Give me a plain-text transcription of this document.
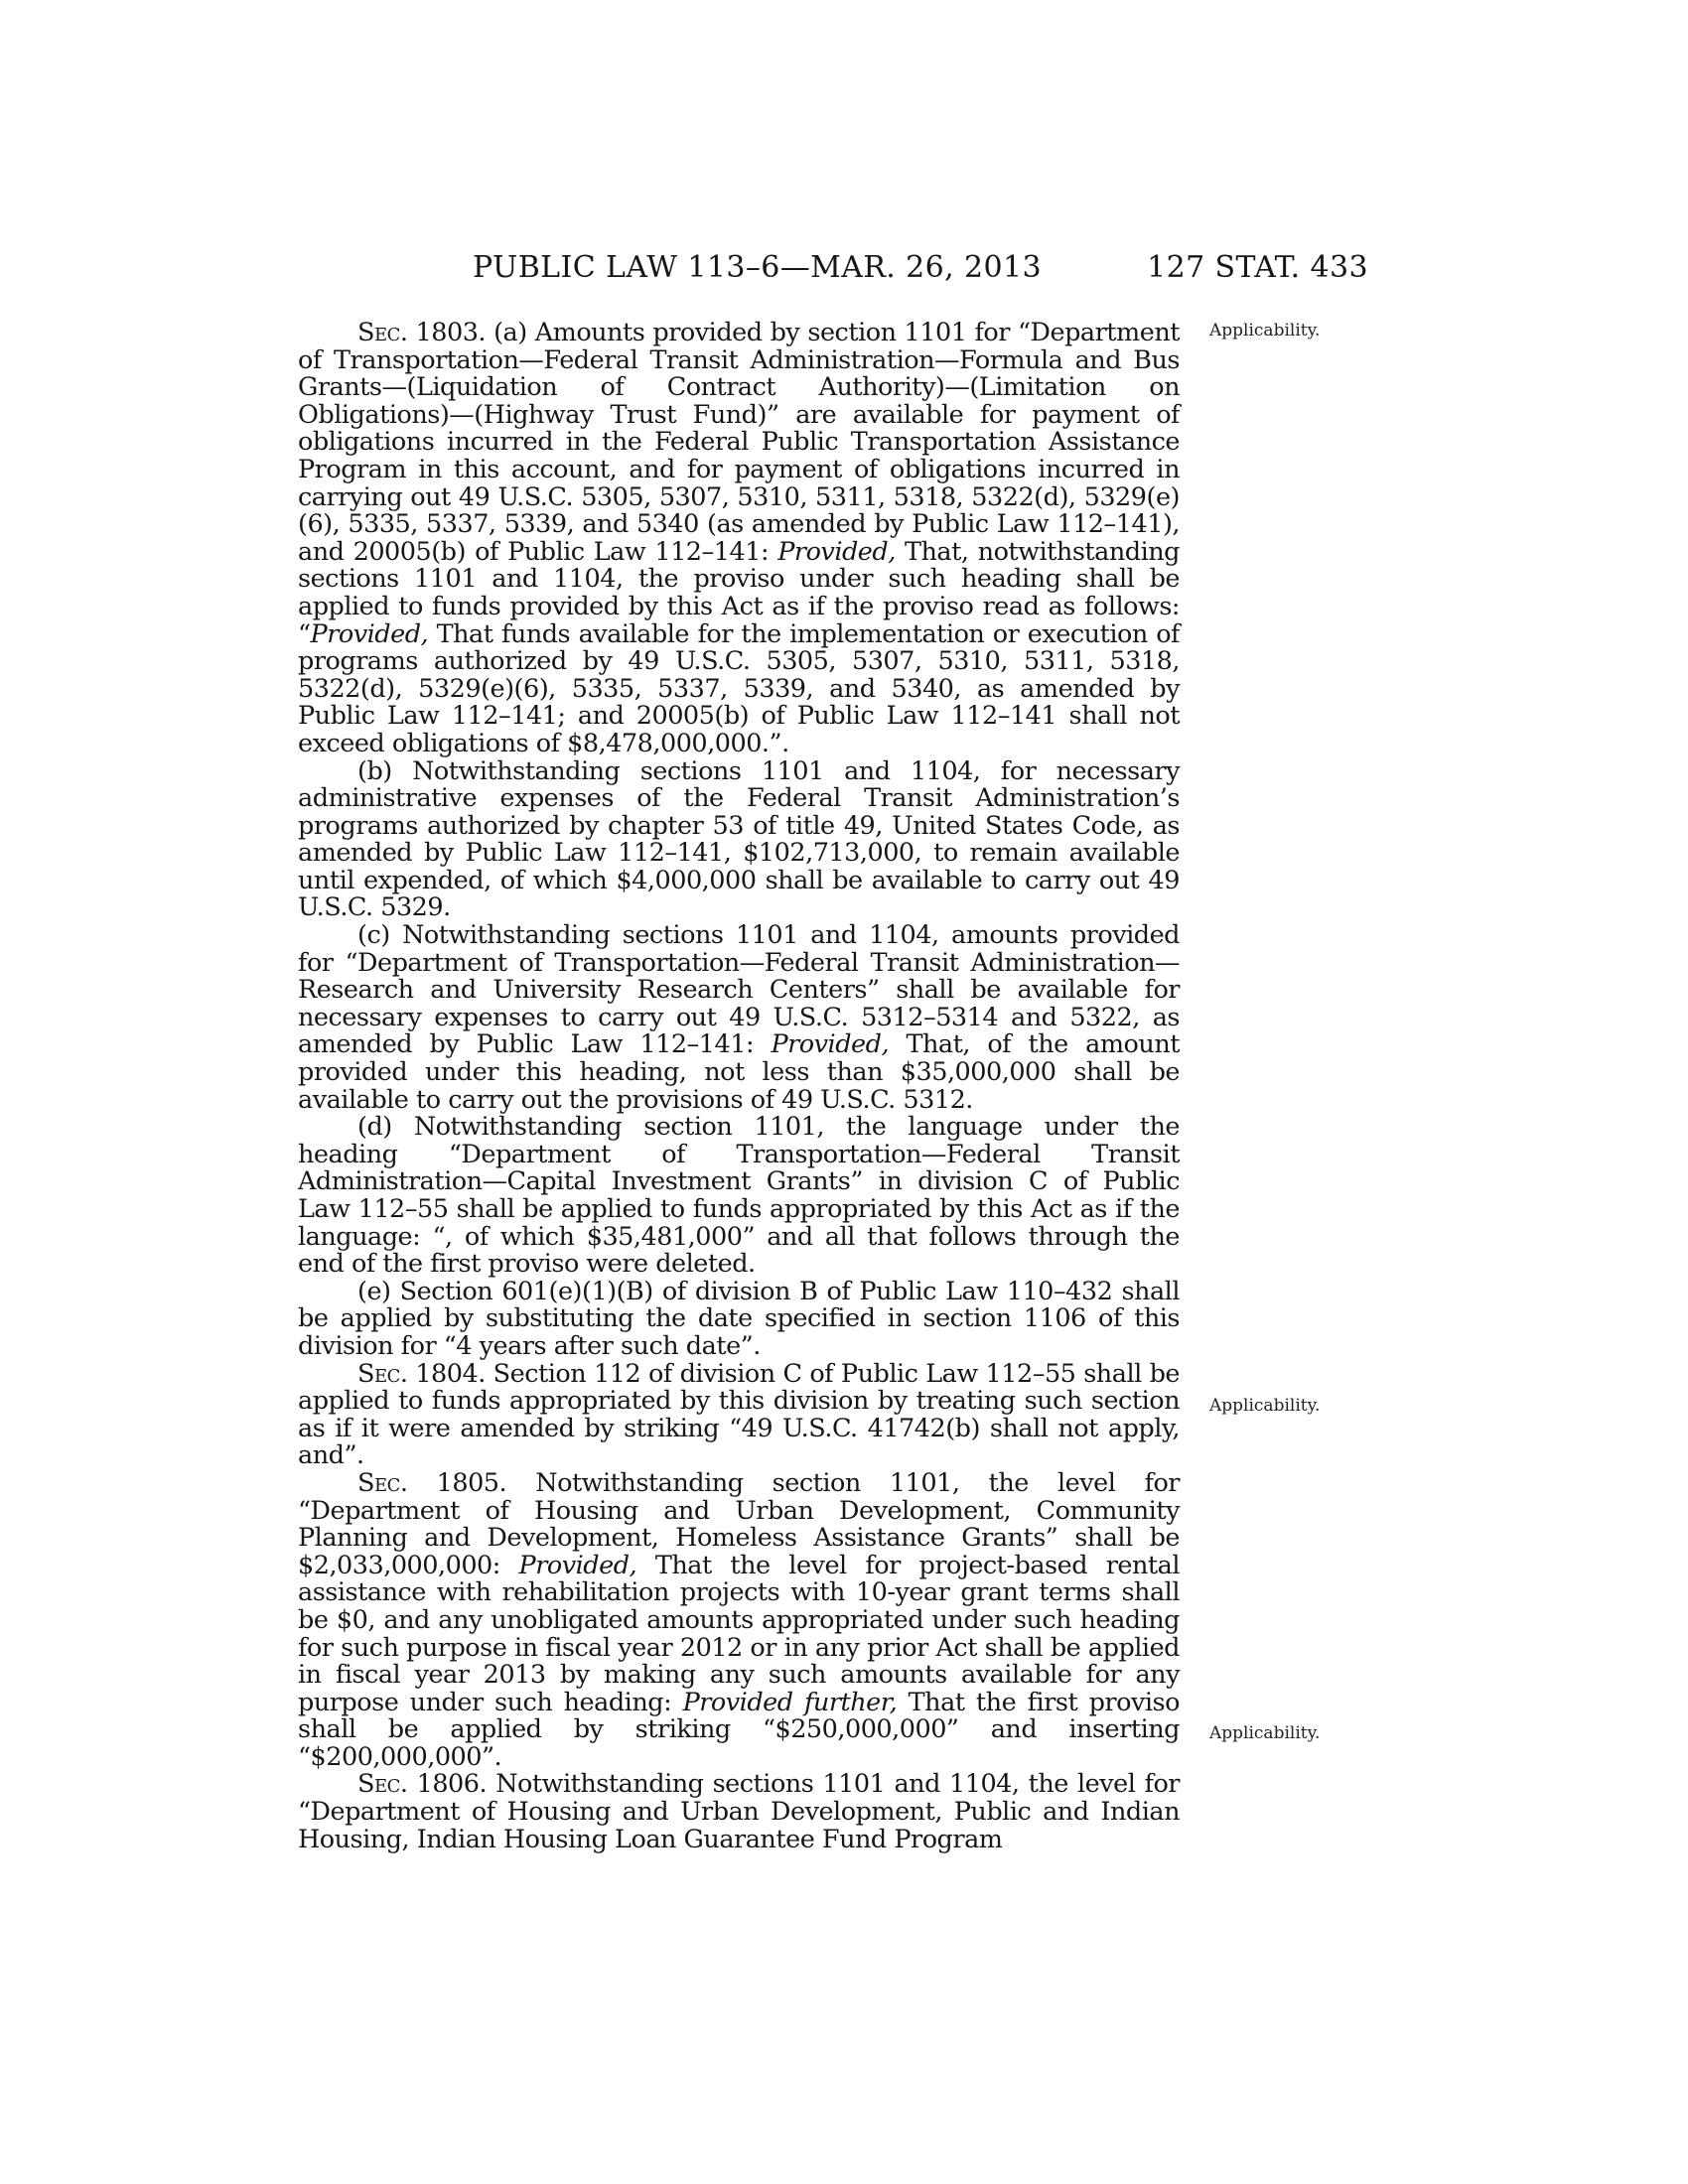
PUBLIC LAW 113–6—MAR. 26, 2013	127 STAT. 433
Applicability.
Applicability.
Applicability.

Sec. 1803. (a) Amounts provided by section 1101 for “Department of Transportation—Federal Transit Administration—Formula and Bus Grants—(Liquidation of Contract Authority)—(Limitation on Obligations)—(Highway Trust Fund)” are available for payment of obligations incurred in the Federal Public Transportation Assistance Program in this account, and for payment of obligations incurred in carrying out 49 U.S.C. 5305, 5307, 5310, 5311, 5318, 5322(d), 5329(e)(6), 5335, 5337, 5339, and 5340 (as amended by Public Law 112–141), and 20005(b) of Public Law 112–141: Provided, That, notwithstanding sections 1101 and 1104, the proviso under such heading shall be applied to funds provided by this Act as if the proviso read as follows: “Provided, That funds available for the implementation or execution of programs authorized by 49 U.S.C. 5305, 5307, 5310, 5311, 5318, 5322(d), 5329(e)(6), 5335, 5337, 5339, and 5340, as amended by Public Law 112–141; and 20005(b) of Public Law 112–141 shall not exceed obligations of $8,478,000,000.”.

(b) Notwithstanding sections 1101 and 1104, for necessary administrative expenses of the Federal Transit Administration’s programs authorized by chapter 53 of title 49, United States Code, as amended by Public Law 112–141, $102,713,000, to remain available until expended, of which $4,000,000 shall be available to carry out 49 U.S.C. 5329.

(c) Notwithstanding sections 1101 and 1104, amounts provided for “Department of Transportation—Federal Transit Administration—Research and University Research Centers” shall be available for necessary expenses to carry out 49 U.S.C. 5312–5314 and 5322, as amended by Public Law 112–141: Provided, That, of the amount provided under this heading, not less than $35,000,000 shall be available to carry out the provisions of 49 U.S.C. 5312.

(d) Notwithstanding section 1101, the language under the heading “Department of Transportation—Federal Transit Administration—Capital Investment Grants” in division C of Public Law 112–55 shall be applied to funds appropriated by this Act as if the language: “, of which $35,481,000” and all that follows through the end of the first proviso were deleted.

(e) Section 601(e)(1)(B) of division B of Public Law 110–432 shall be applied by substituting the date specified in section 1106 of this division for “4 years after such date”.

Sec. 1804. Section 112 of division C of Public Law 112–55 shall be applied to funds appropriated by this division by treating such section as if it were amended by striking “49 U.S.C. 41742(b) shall not apply, and”.

Sec. 1805. Notwithstanding section 1101, the level for “Department of Housing and Urban Development, Community Planning and Development, Homeless Assistance Grants” shall be $2,033,000,000: Provided, That the level for project-based rental assistance with rehabilitation projects with 10-year grant terms shall be $0, and any unobligated amounts appropriated under such heading for such purpose in fiscal year 2012 or in any prior Act shall be applied in fiscal year 2013 by making any such amounts available for any purpose under such heading: Provided further, That the first proviso shall be applied by striking “$250,000,000” and inserting “$200,000,000”.

Sec. 1806. Notwithstanding sections 1101 and 1104, the level for “Department of Housing and Urban Development, Public and Indian Housing, Indian Housing Loan Guarantee Fund Program
